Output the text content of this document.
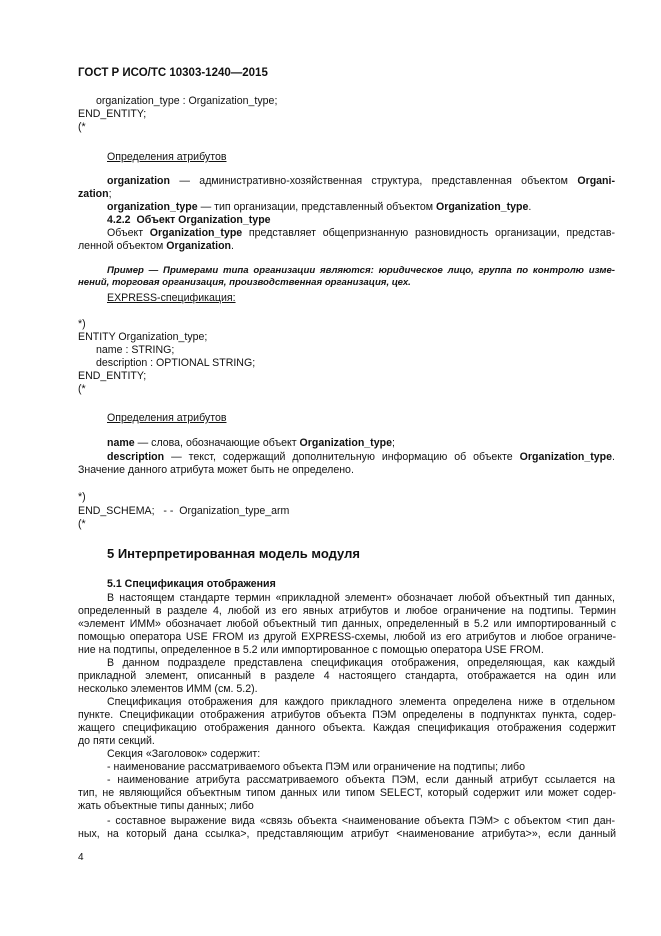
ГОСТ Р ИСО/ТС 10303-1240—2015
organization_type : Organization_type;
END_ENTITY;
(*
Определения атрибутов
organization — административно-хозяйственная структура, представленная объектом Organi-
zation;
organization_type — тип организации, представленный объектом Organization_type.
4.2.2 Объект Organization_type
Объект Organization_type представляет общепризнанную разновидность организации, представ-
ленной объектом Organization.
Пример — Примерами типа организации являются: юридическое лицо, группа по контролю изме-
нений, торговая организация, производственная организация, цех.
EXPRESS-спецификация:
*)
ENTITY Organization_type;
name : STRING;
description : OPTIONAL STRING;
END_ENTITY;
(*
Определения атрибутов
name — слова, обозначающие объект Organization_type;
description — текст, содержащий дополнительную информацию об объекте Organization_type.
Значение данного атрибута может быть не определено.
*)
END_SCHEMA;   - -  Organization_type_arm
(*
5 Интерпретированная модель модуля
5.1 Спецификация отображения
В настоящем стандарте термин «прикладной элемент» обозначает любой объектный тип данных,
определенный в разделе 4, любой из его явных атрибутов и любое ограничение на подтипы. Термин
«элемент ИММ» обозначает любой объектный тип данных, определенный в 5.2 или импортированный с
помощью оператора USE FROM из другой EXPRESS-схемы, любой из его атрибутов и любое ограниче-
ние на подтипы, определенное в 5.2 или импортированное с помощью оператора USE FROM.
В данном подразделе представлена спецификация отображения, определяющая, как каждый
прикладной элемент, описанный в разделе 4 настоящего стандарта, отображается на один или
несколько элементов ИММ (см. 5.2).
Спецификация отображения для каждого прикладного элемента определена ниже в отдельном
пункте. Спецификации отображения атрибутов объекта ПЭМ определены в подпунктах пункта, содер-
жащего спецификацию отображения данного объекта. Каждая спецификация отображения содержит
до пяти секций.
Секция «Заголовок» содержит:
- наименование рассматриваемого объекта ПЭМ или ограничение на подтипы; либо
- наименование атрибута рассматриваемого объекта ПЭМ, если данный атрибут ссылается на
тип, не являющийся объектным типом данных или типом SELECT, который содержит или может содер-
жать объектные типы данных; либо
- составное выражение вида «связь объекта <наименование объекта ПЭМ> с объектом <тип дан-
ных, на который дана ссылка>, представляющим атрибут <наименование атрибута>», если данный
4
